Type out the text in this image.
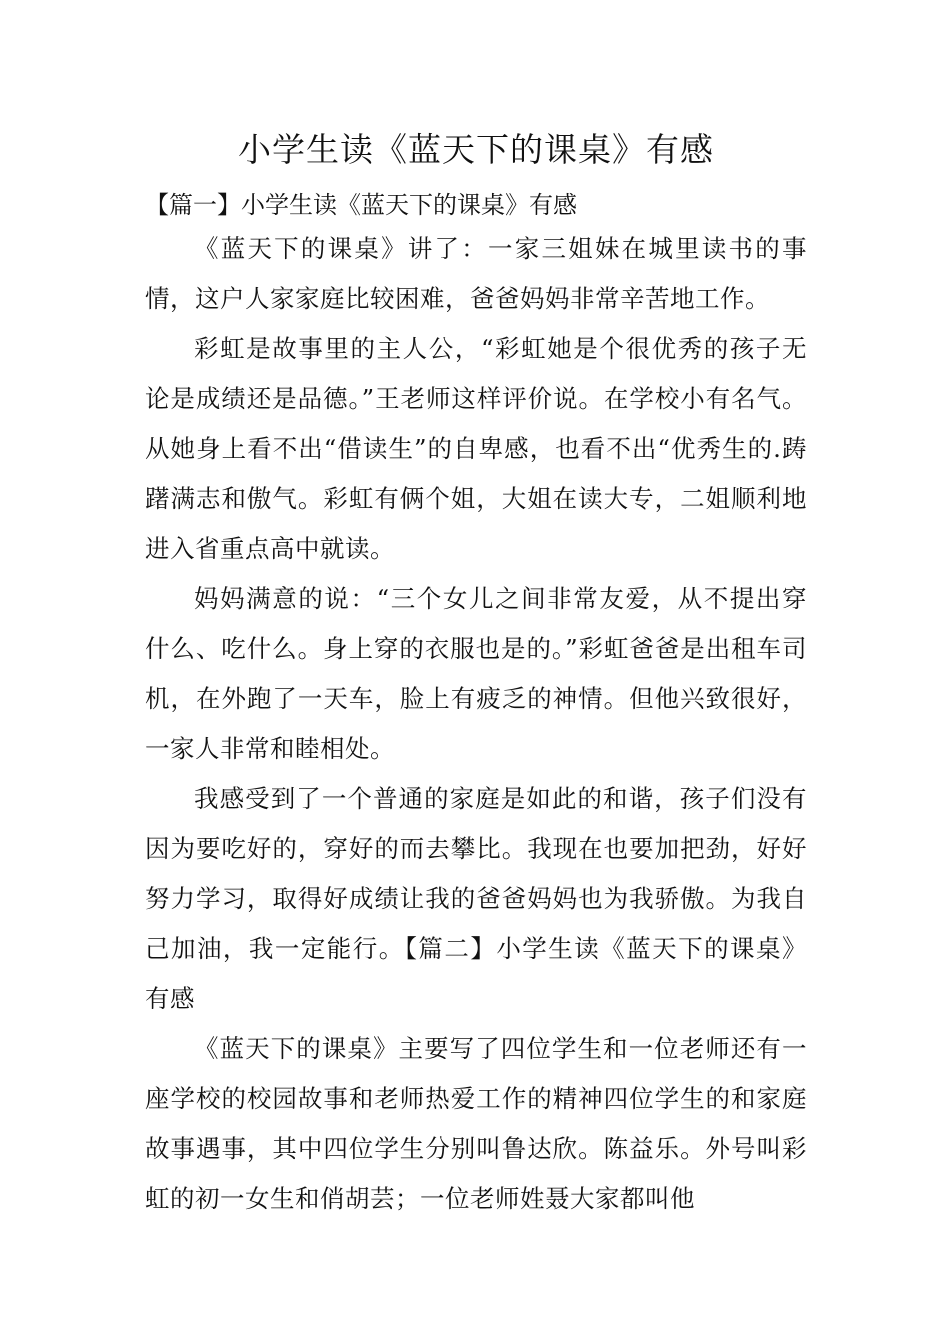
小学生读《蓝天下的课桌》有感

【篇一】小学生读《蓝天下的课桌》有感

《蓝天下的课桌》讲了：一家三姐妹在城里读书的事情，这户人家家庭比较困难，爸爸妈妈非常辛苦地工作。

彩虹是故事里的主人公，“彩虹她是个很优秀的孩子无论是成绩还是品德。”王老师这样评价说。在学校小有名气。从她身上看不出“借读生”的自卑感，也看不出“优秀生的.踌躇满志和傲气。彩虹有俩个姐，大姐在读大专，二姐顺利地进入省重点高中就读。

妈妈满意的说：“三个女儿之间非常友爱，从不提出穿什么、吃什么。身上穿的衣服也是的。”彩虹爸爸是出租车司机，在外跑了一天车，脸上有疲乏的神情。但他兴致很好，一家人非常和睦相处。

我感受到了一个普通的家庭是如此的和谐，孩子们没有因为要吃好的，穿好的而去攀比。我现在也要加把劲，好好努力学习，取得好成绩让我的爸爸妈妈也为我骄傲。为我自己加油，我一定能行。【篇二】小学生读《蓝天下的课桌》有感

《蓝天下的课桌》主要写了四位学生和一位老师还有一座学校的校园故事和老师热爱工作的精神四位学生的和家庭故事遇事，其中四位学生分别叫鲁达欣。陈益乐。外号叫彩虹的初一女生和俏胡芸；一位老师姓聂大家都叫他
